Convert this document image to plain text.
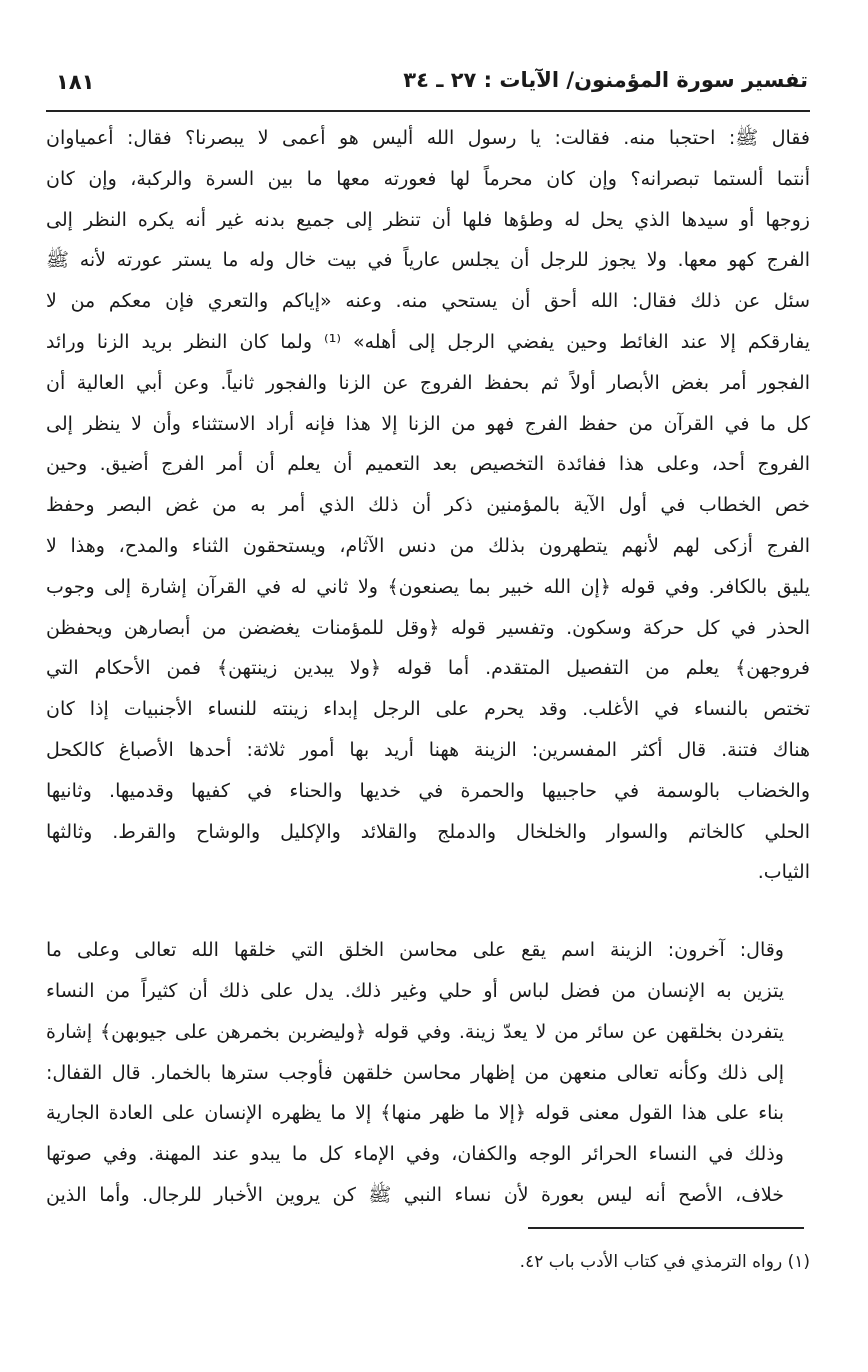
تفسير سورة المؤمنون/ الآيات : ٢٧ ـ ٣٤
١٨١

فقال ﷺ: احتجبا منه. فقالت: يا رسول الله أليس هو أعمى لا يبصرنا؟ فقال: أعمياوان
أنتما ألستما تبصرانه؟ وإن كان محرماً لها فعورته معها ما بين السرة والركبة، وإن كان
زوجها أو سيدها الذي يحل له وطؤها فلها أن تنظر إلى جميع بدنه غير أنه يكره النظر إلى
الفرج كهو معها. ولا يجوز للرجل أن يجلس عارياً في بيت خال وله ما يستر عورته لأنه ﷺ
سئل عن ذلك فقال: الله أحق أن يستحي منه. وعنه «إياكم والتعري فإن معكم من لا
يفارقكم إلا عند الغائط وحين يفضي الرجل إلى أهله» ⁽¹⁾ ولما كان النظر بريد الزنا ورائد
الفجور أمر بغض الأبصار أولاً ثم بحفظ الفروج عن الزنا والفجور ثانياً. وعن أبي العالية أن
كل ما في القرآن من حفظ الفرج فهو من الزنا إلا هذا فإنه أراد الاستثناء وأن لا ينظر إلى
الفروج أحد، وعلى هذا ففائدة التخصيص بعد التعميم أن يعلم أن أمر الفرج أضيق. وحين
خص الخطاب في أول الآية بالمؤمنين ذكر أن ذلك الذي أمر به من غض البصر وحفظ
الفرج أزكى لهم لأنهم يتطهرون بذلك من دنس الآثام، ويستحقون الثناء والمدح، وهذا لا
يليق بالكافر. وفي قوله ﴿إن الله خبير بما يصنعون﴾ ولا ثاني له في القرآن إشارة إلى وجوب
الحذر في كل حركة وسكون. وتفسير قوله ﴿وقل للمؤمنات يغضضن من أبصارهن ويحفظن
فروجهن﴾ يعلم من التفصيل المتقدم. أما قوله ﴿ولا يبدين زينتهن﴾ فمن الأحكام التي
تختص بالنساء في الأغلب. وقد يحرم على الرجل إبداء زينته للنساء الأجنبيات إذا كان
هناك فتنة. قال أكثر المفسرين: الزينة ههنا أريد بها أمور ثلاثة: أحدها الأصباغ كالكحل
والخضاب بالوسمة في حاجبيها والحمرة في خديها والحناء في كفيها وقدميها. وثانيها
الحلي كالخاتم والسوار والخلخال والدملج والقلائد والإكليل والوشاح والقرط. وثالثها
الثياب.

وقال: آخرون: الزينة اسم يقع على محاسن الخلق التي خلقها الله تعالى وعلى ما
يتزين به الإنسان من فضل لباس أو حلي وغير ذلك. يدل على ذلك أن كثيراً من النساء
يتفردن بخلقهن عن سائر من لا يعدّ زينة. وفي قوله ﴿وليضربن بخمرهن على جيوبهن﴾ إشارة
إلى ذلك وكأنه تعالى منعهن من إظهار محاسن خلقهن فأوجب سترها بالخمار. قال القفال:
بناء على هذا القول معنى قوله ﴿إلا ما ظهر منها﴾ إلا ما يظهره الإنسان على العادة الجارية
وذلك في النساء الحرائر الوجه والكفان، وفي الإماء كل ما يبدو عند المهنة. وفي صوتها
خلاف، الأصح أنه ليس بعورة لأن نساء النبي ﷺ كن يروين الأخبار للرجال. وأما الذين

(١) رواه الترمذي في كتاب الأدب باب ٤٢.
